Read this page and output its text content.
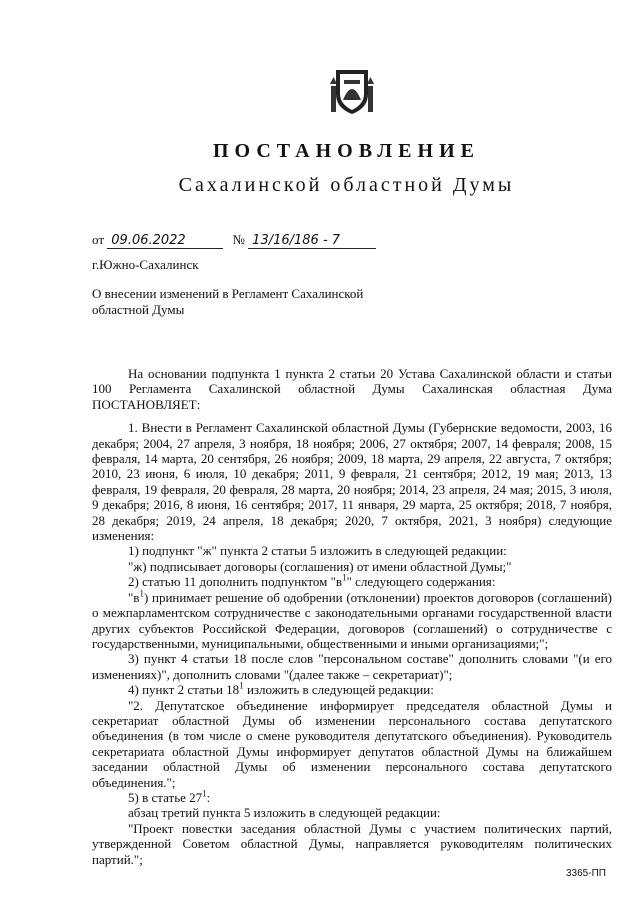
ПОСТАНОВЛЕНИЕ
Сахалинской областной Думы
от 09.06.2022	№ 13/16/186 - 7
г.Южно-Сахалинск
О внесении изменений в Регламент Сахалинской областной Думы

На основании подпункта 1 пункта 2 статьи 20 Устава Сахалинской области и статьи 100 Регламента Сахалинской областной Думы Сахалинская областная Дума ПОСТАНОВЛЯЕТ:

1. Внести в Регламент Сахалинской областной Думы (Губернские ведомости, 2003, 16 декабря; 2004, 27 апреля, 3 ноября, 18 ноября; 2006, 27 октября; 2007, 14 февраля; 2008, 15 февраля, 14 марта, 20 сентября, 26 ноября; 2009, 18 марта, 29 апреля, 22 августа, 7 октября; 2010, 23 июня, 6 июля, 10 декабря; 2011, 9 февраля, 21 сентября; 2012, 19 мая; 2013, 13 февраля, 19 февраля, 20 февраля, 28 марта, 20 ноября; 2014, 23 апреля, 24 мая; 2015, 3 июля, 9 декабря; 2016, 8 июня, 16 сентября; 2017, 11 января, 29 марта, 25 октября; 2018, 7 ноября, 28 декабря; 2019, 24 апреля, 18 декабря; 2020, 7 октября, 2021, 3 ноября) следующие изменения:

1) подпункт "ж" пункта 2 статьи 5 изложить в следующей редакции:

"ж) подписывает договоры (соглашения) от имени областной Думы;"

2) статью 11 дополнить подпунктом "$в^1$" следующего содержания:

"$в^1$) принимает решение об одобрении (отклонении) проектов договоров (соглашений) о межпарламентском сотрудничестве с законодательными органами государственной власти других субъектов Российской Федерации, договоров (соглашений) о сотрудничестве с государственными, муниципальными, общественными и иными организациями;";

3) пункт 4 статьи 18 после слов "персональном составе" дополнить словами "(и его изменениях)", дополнить словами "(далее также – секретариат)";

4) пункт 2 статьи $18^1$ изложить в следующей редакции:

"2. Депутатское объединение информирует председателя областной Думы и секретариат областной Думы об изменении персонального состава депутатского объединения (в том числе о смене руководителя депутатского объединения). Руководитель секретариата областной Думы информирует депутатов областной Думы на ближайшем заседании областной Думы об изменении персонального состава депутатского объединения.";

5) в статье $27^1$:

абзац третий пункта 5 изложить в следующей редакции:

"Проект повестки заседания областной Думы с участием политических партий, утвержденной Советом областной Думы, направляется руководителям политических партий.";

3365-ПП
